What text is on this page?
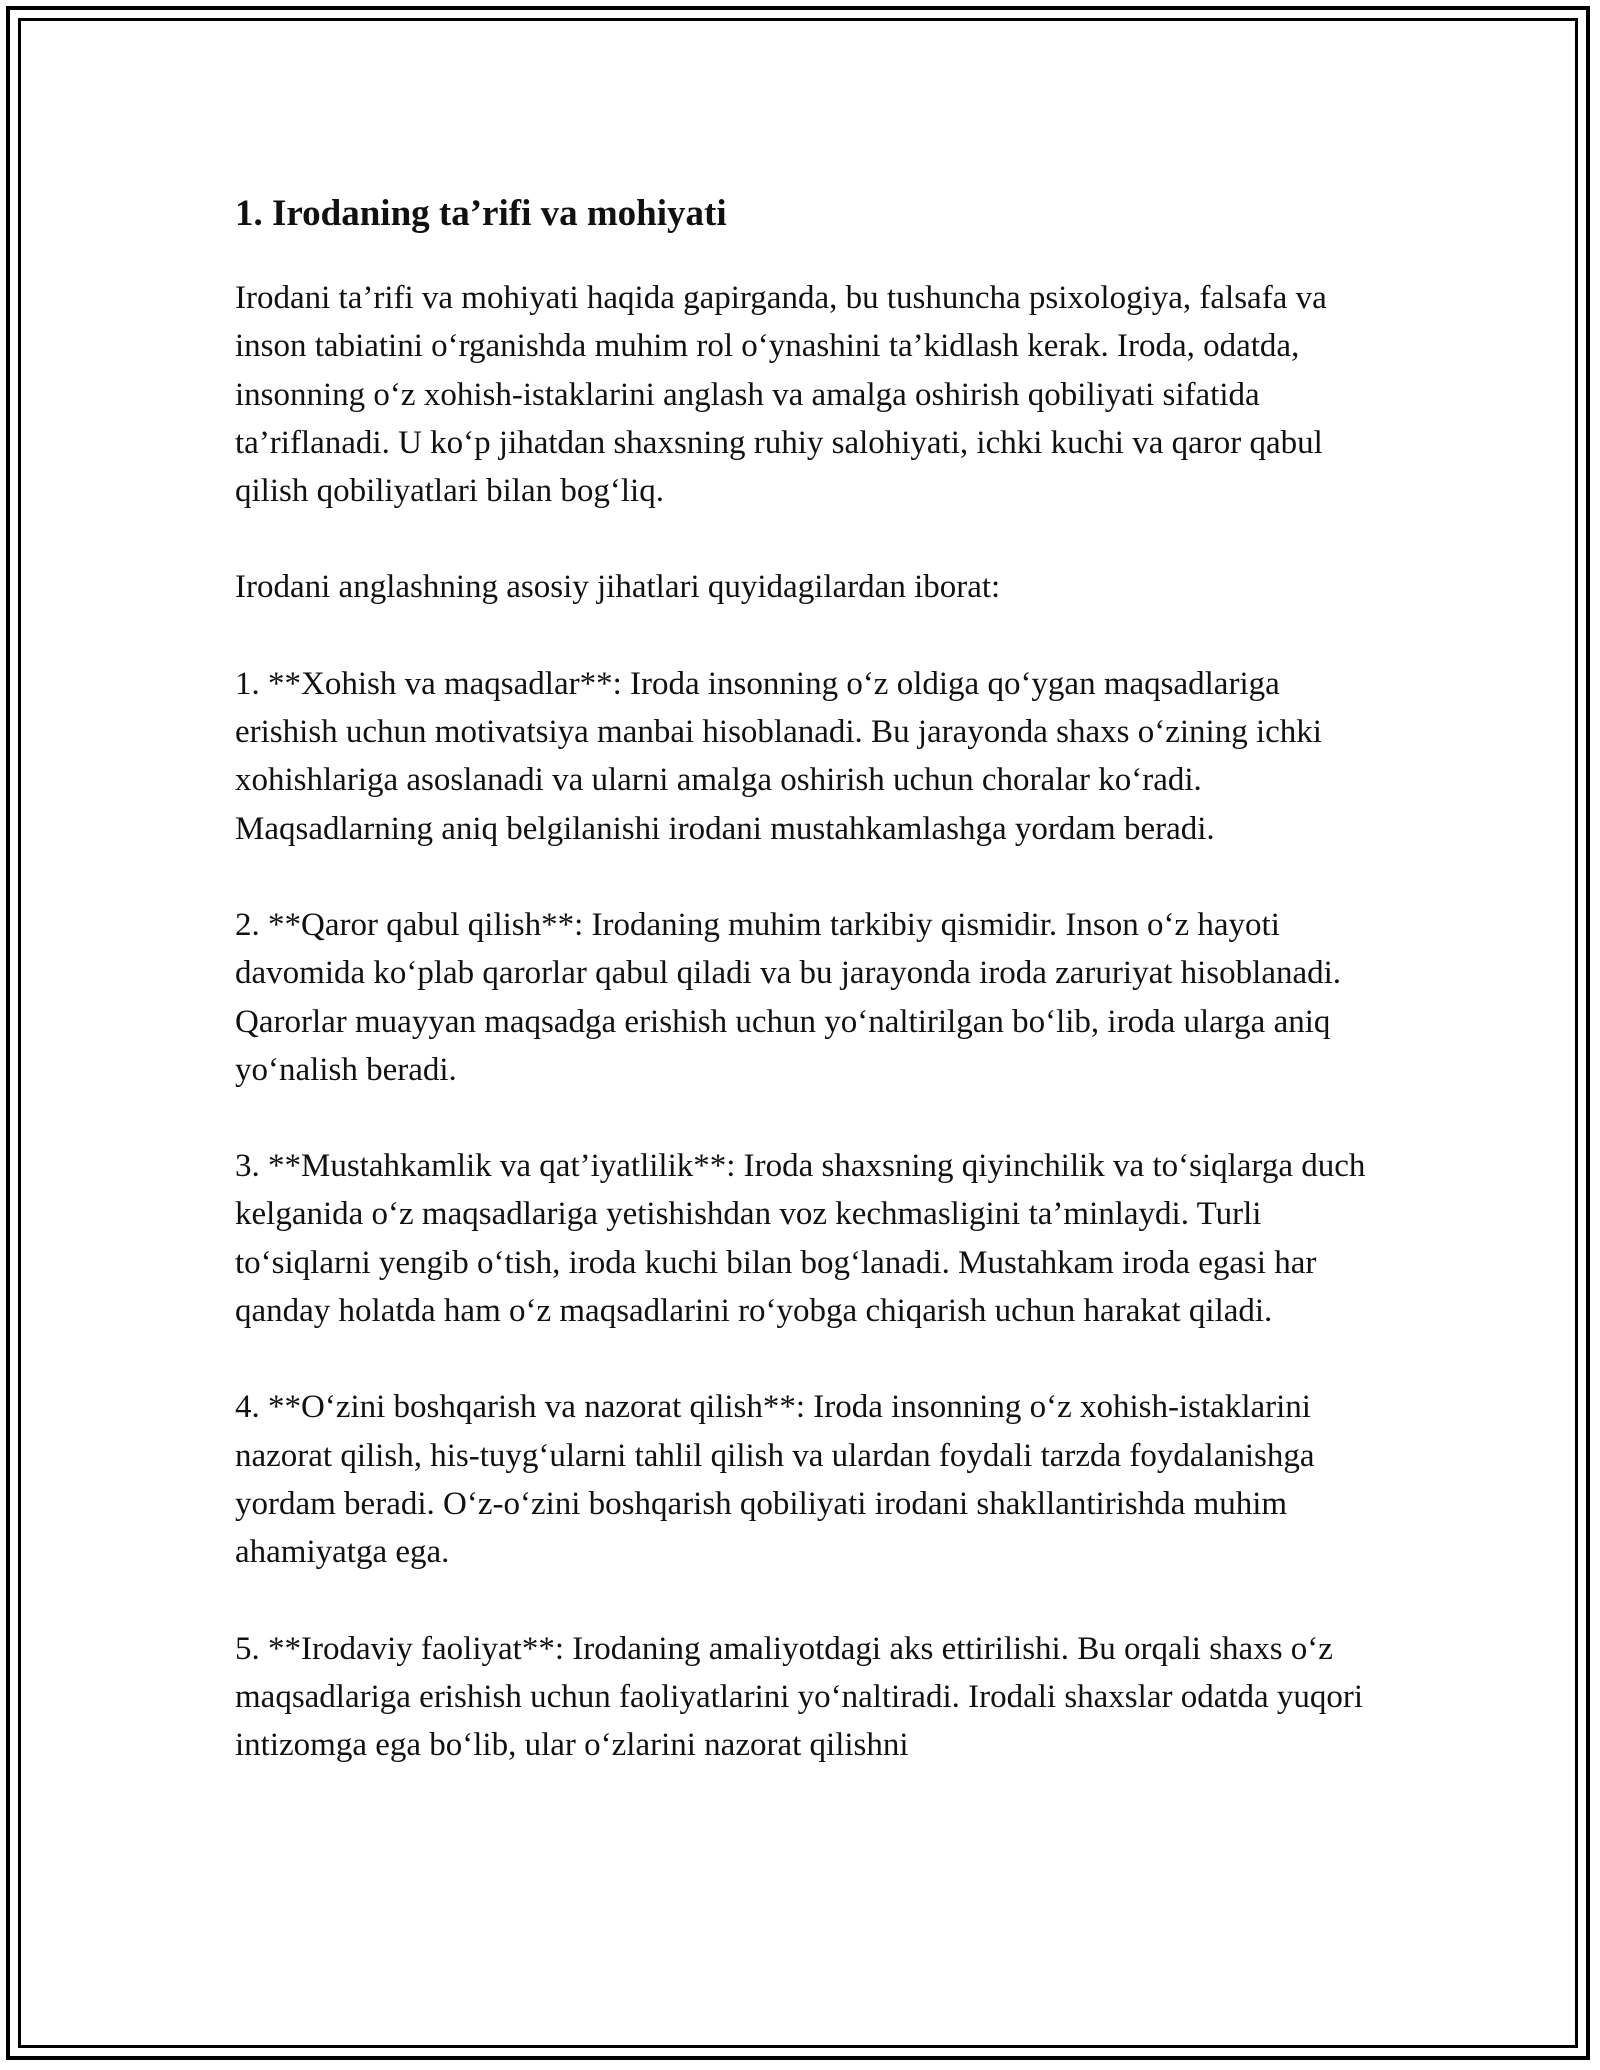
1. Irodaning ta’rifi va mohiyati

Irodani ta’rifi va mohiyati haqida gapirganda, bu tushuncha psixologiya, falsafa va inson tabiatini o‘rganishda muhim rol o‘ynashini ta’kidlash kerak. Iroda, odatda, insonning o‘z xohish-istaklarini anglash va amalga oshirish qobiliyati sifatida ta’riflanadi. U ko‘p jihatdan shaxsning ruhiy salohiyati, ichki kuchi va qaror qabul qilish qobiliyatlari bilan bog‘liq.

Irodani anglashning asosiy jihatlari quyidagilardan iborat:

1. **Xohish va maqsadlar**: Iroda insonning o‘z oldiga qo‘ygan maqsadlariga erishish uchun motivatsiya manbai hisoblanadi. Bu jarayonda shaxs o‘zining ichki xohishlariga asoslanadi va ularni amalga oshirish uchun choralar ko‘radi. Maqsadlarning aniq belgilanishi irodani mustahkamlashga yordam beradi.

2. **Qaror qabul qilish**: Irodaning muhim tarkibiy qismidir. Inson o‘z hayoti davomida ko‘plab qarorlar qabul qiladi va bu jarayonda iroda zaruriyat hisoblanadi. Qarorlar muayyan maqsadga erishish uchun yo‘naltirilgan bo‘lib, iroda ularga aniq yo‘nalish beradi.

3. **Mustahkamlik va qat’iyatlilik**: Iroda shaxsning qiyinchilik va to‘siqlarga duch kelganida o‘z maqsadlariga yetishishdan voz kechmasligini ta’minlaydi. Turli to‘siqlarni yengib o‘tish, iroda kuchi bilan bog‘lanadi. Mustahkam iroda egasi har qanday holatda ham o‘z maqsadlarini ro‘yobga chiqarish uchun harakat qiladi.

4. **O‘zini boshqarish va nazorat qilish**: Iroda insonning o‘z xohish-istaklarini nazorat qilish, his-tuyg‘ularni tahlil qilish va ulardan foydali tarzda foydalanishga yordam beradi. O‘z-o‘zini boshqarish qobiliyati irodani shakllantirishda muhim ahamiyatga ega.

5. **Irodaviy faoliyat**: Irodaning amaliyotdagi aks ettirilishi. Bu orqali shaxs o‘z maqsadlariga erishish uchun faoliyatlarini yo‘naltiradi. Irodali shaxslar odatda yuqori intizomga ega bo‘lib, ular o‘zlarini nazorat qilishni
